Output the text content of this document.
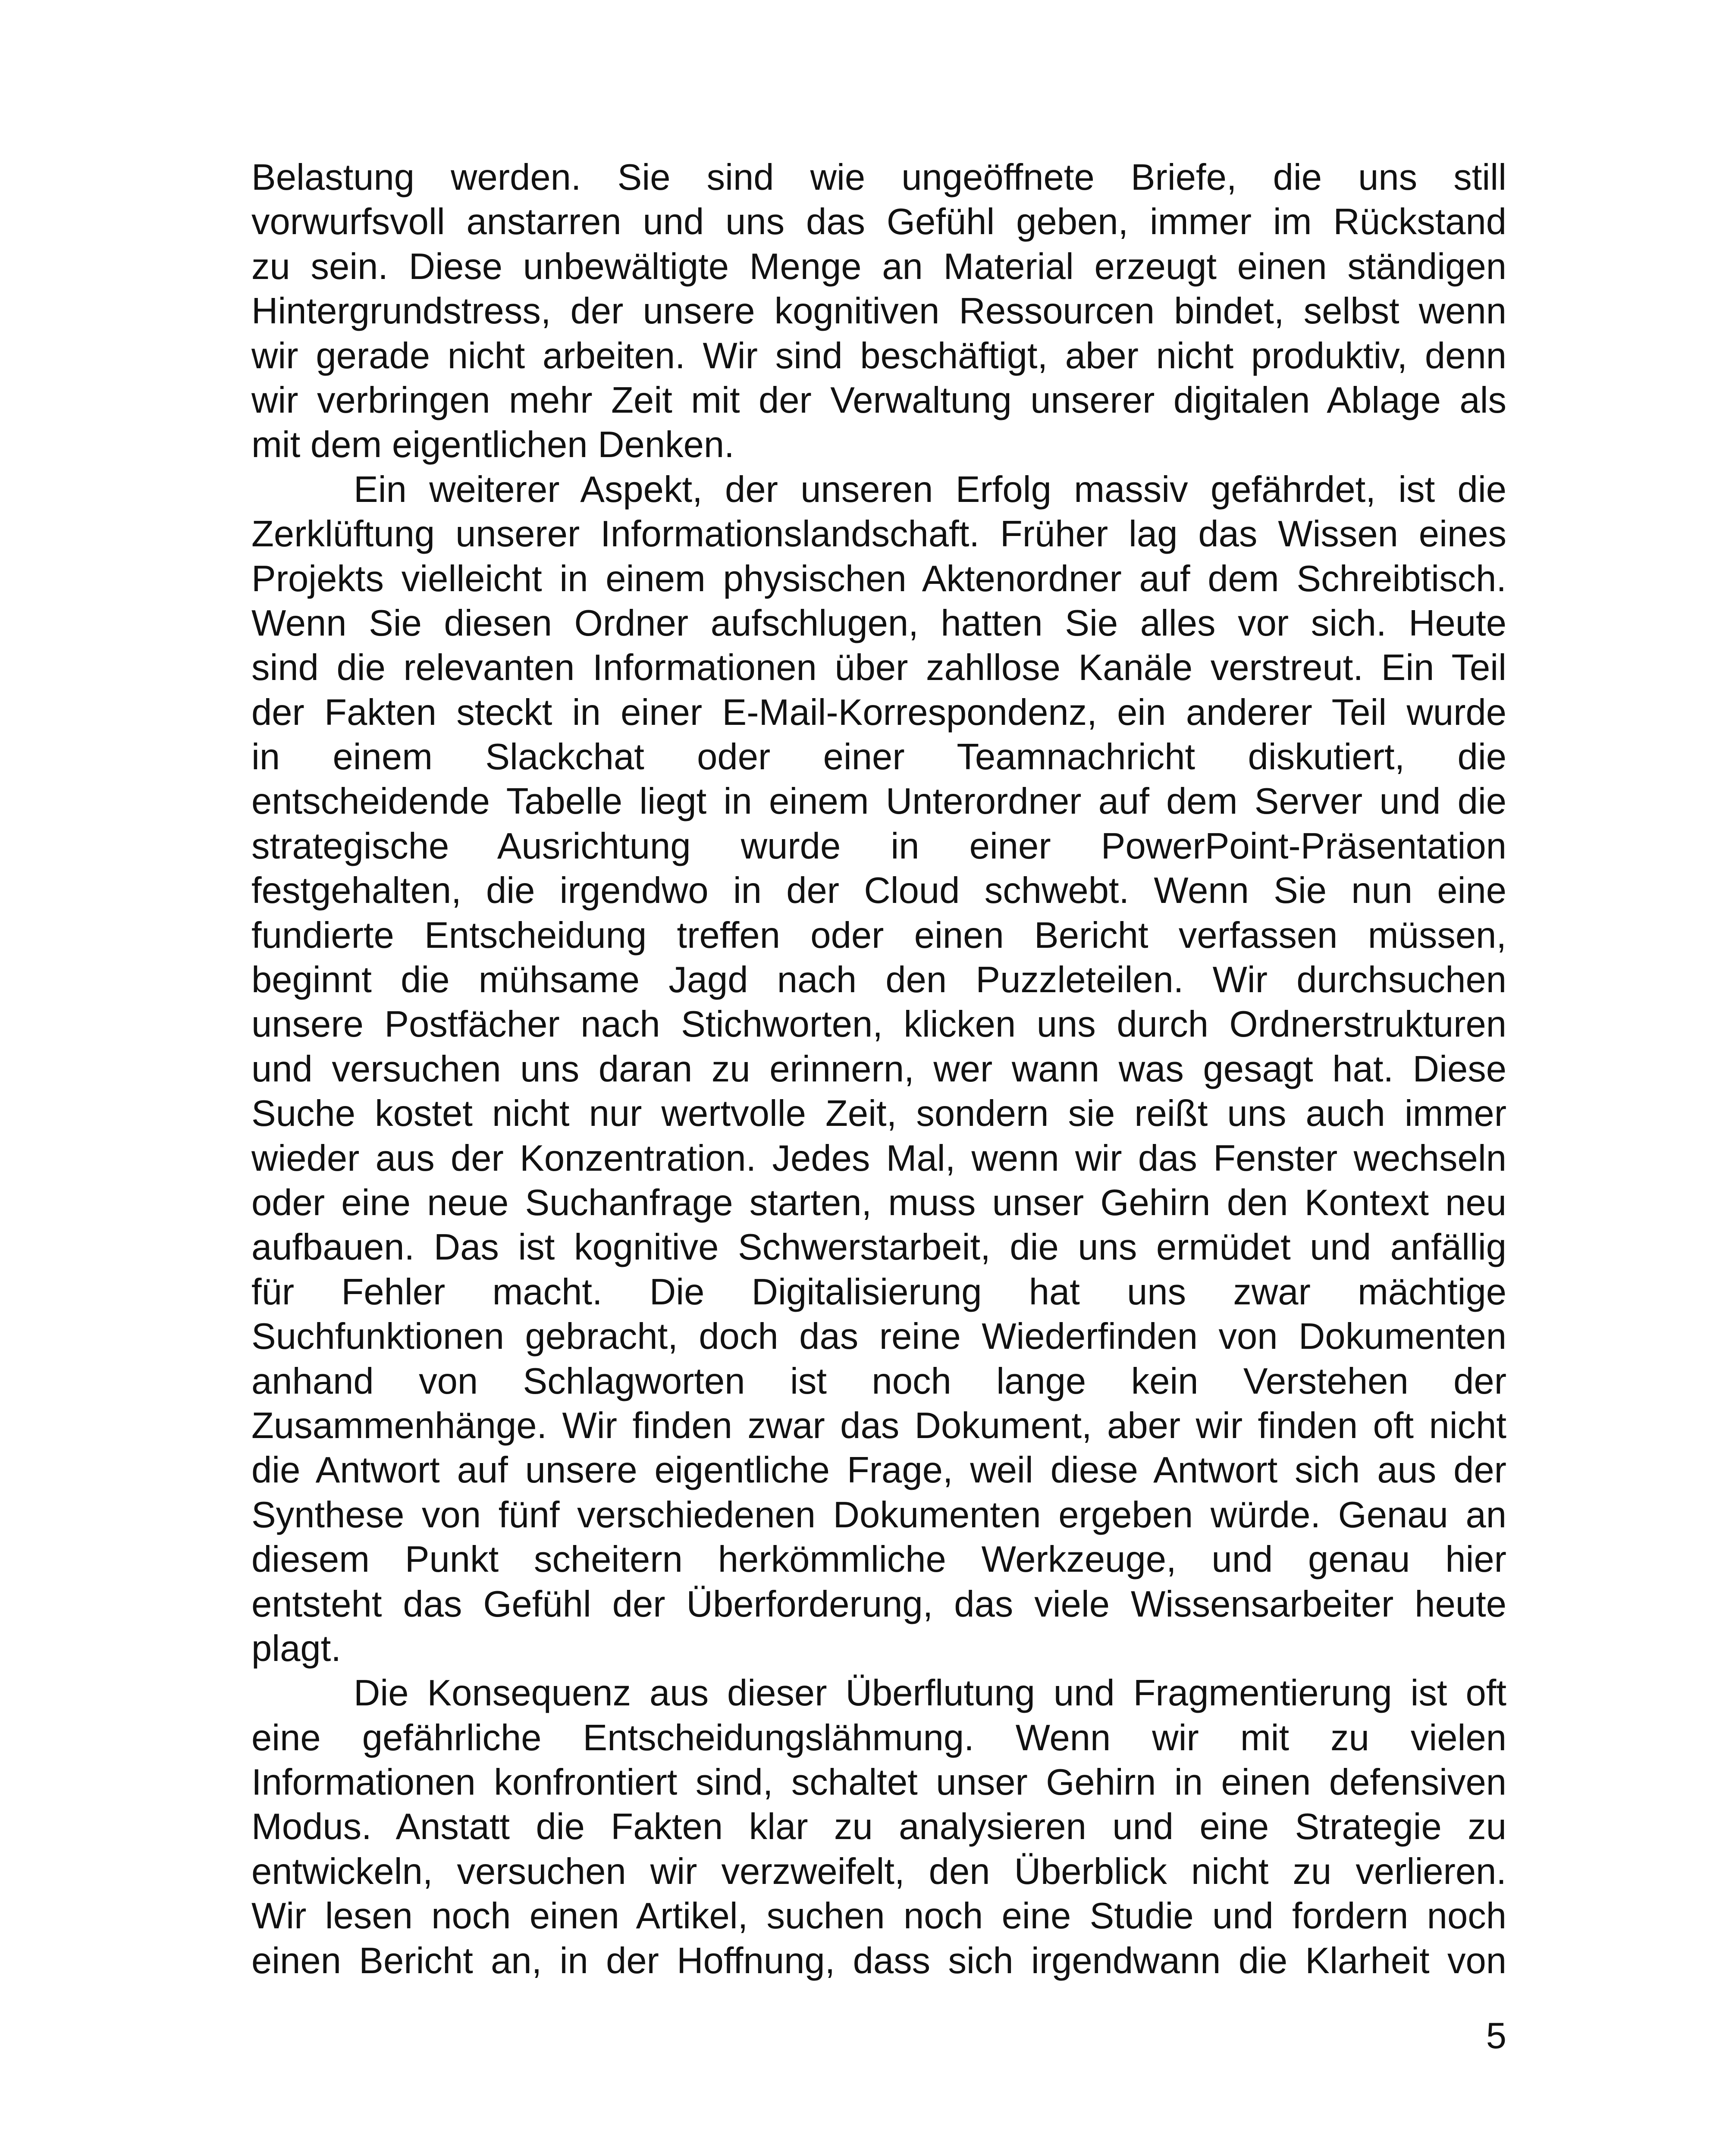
Belastung werden. Sie sind wie ungeöffnete Briefe, die uns still
vorwurfsvoll anstarren und uns das Gefühl geben, immer im Rückstand
zu sein. Diese unbewältigte Menge an Material erzeugt einen ständigen
Hintergrundstress, der unsere kognitiven Ressourcen bindet, selbst wenn
wir gerade nicht arbeiten. Wir sind beschäftigt, aber nicht produktiv, denn
wir verbringen mehr Zeit mit der Verwaltung unserer digitalen Ablage als
mit dem eigentlichen Denken.
Ein weiterer Aspekt, der unseren Erfolg massiv gefährdet, ist die
Zerklüftung unserer Informationslandschaft. Früher lag das Wissen eines
Projekts vielleicht in einem physischen Aktenordner auf dem Schreibtisch.
Wenn Sie diesen Ordner aufschlugen, hatten Sie alles vor sich. Heute
sind die relevanten Informationen über zahllose Kanäle verstreut. Ein Teil
der Fakten steckt in einer E-Mail-Korrespondenz, ein anderer Teil wurde
in einem Slackchat oder einer Teamnachricht diskutiert, die
entscheidende Tabelle liegt in einem Unterordner auf dem Server und die
strategische Ausrichtung wurde in einer PowerPoint-Präsentation
festgehalten, die irgendwo in der Cloud schwebt. Wenn Sie nun eine
fundierte Entscheidung treffen oder einen Bericht verfassen müssen,
beginnt die mühsame Jagd nach den Puzzleteilen. Wir durchsuchen
unsere Postfächer nach Stichworten, klicken uns durch Ordnerstrukturen
und versuchen uns daran zu erinnern, wer wann was gesagt hat. Diese
Suche kostet nicht nur wertvolle Zeit, sondern sie reißt uns auch immer
wieder aus der Konzentration. Jedes Mal, wenn wir das Fenster wechseln
oder eine neue Suchanfrage starten, muss unser Gehirn den Kontext neu
aufbauen. Das ist kognitive Schwerstarbeit, die uns ermüdet und anfällig
für Fehler macht. Die Digitalisierung hat uns zwar mächtige
Suchfunktionen gebracht, doch das reine Wiederfinden von Dokumenten
anhand von Schlagworten ist noch lange kein Verstehen der
Zusammenhänge. Wir finden zwar das Dokument, aber wir finden oft nicht
die Antwort auf unsere eigentliche Frage, weil diese Antwort sich aus der
Synthese von fünf verschiedenen Dokumenten ergeben würde. Genau an
diesem Punkt scheitern herkömmliche Werkzeuge, und genau hier
entsteht das Gefühl der Überforderung, das viele Wissensarbeiter heute
plagt.
Die Konsequenz aus dieser Überflutung und Fragmentierung ist oft
eine gefährliche Entscheidungslähmung. Wenn wir mit zu vielen
Informationen konfrontiert sind, schaltet unser Gehirn in einen defensiven
Modus. Anstatt die Fakten klar zu analysieren und eine Strategie zu
entwickeln, versuchen wir verzweifelt, den Überblick nicht zu verlieren.
Wir lesen noch einen Artikel, suchen noch eine Studie und fordern noch
einen Bericht an, in der Hoffnung, dass sich irgendwann die Klarheit von
5
